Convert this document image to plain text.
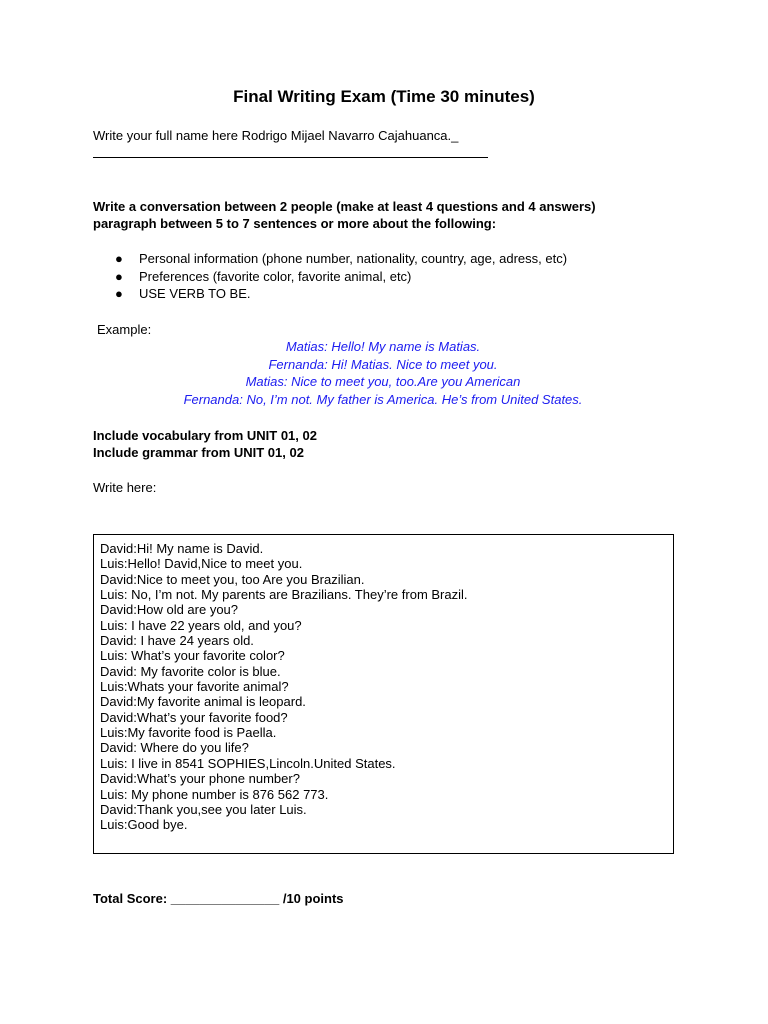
Final Writing Exam (Time 30 minutes)
Write your full name here Rodrigo Mijael Navarro Cajahuanca._
Write a conversation between 2 people (make at least 4 questions and 4 answers)
paragraph between 5 to 7 sentences or more about the following:
● Personal information (phone number, nationality, country, age, adress, etc)
● Preferences (favorite color, favorite animal, etc)
● USE VERB TO BE.
Example:
Matias: Hello! My name is Matias.
Fernanda: Hi! Matias. Nice to meet you.
Matias: Nice to meet you, too.Are you American
Fernanda: No, I’m not. My father is America. He’s from United States.
Include vocabulary from UNIT 01, 02
Include grammar from UNIT 01, 02
Write here:
David:Hi! My name is David.
Luis:Hello! David,Nice to meet you.
David:Nice to meet you, too Are you Brazilian.
Luis: No, I’m not. My parents are Brazilians. They’re from Brazil.
David:How old are you?
Luis: I have 22 years old, and you?
David: I have 24 years old.
Luis: What’s your favorite color?
David: My favorite color is blue.
Luis:Whats your favorite animal?
David:My favorite animal is leopard.
David:What’s your favorite food?
Luis:My favorite food is Paella.
David: Where do you life?
Luis: I live in 8541 SOPHIES,Lincoln.United States.
David:What’s your phone number?
Luis: My phone number is 876 562 773.
David:Thank you,see you later Luis.
Luis:Good bye.
Total Score: _______________ /10 points
